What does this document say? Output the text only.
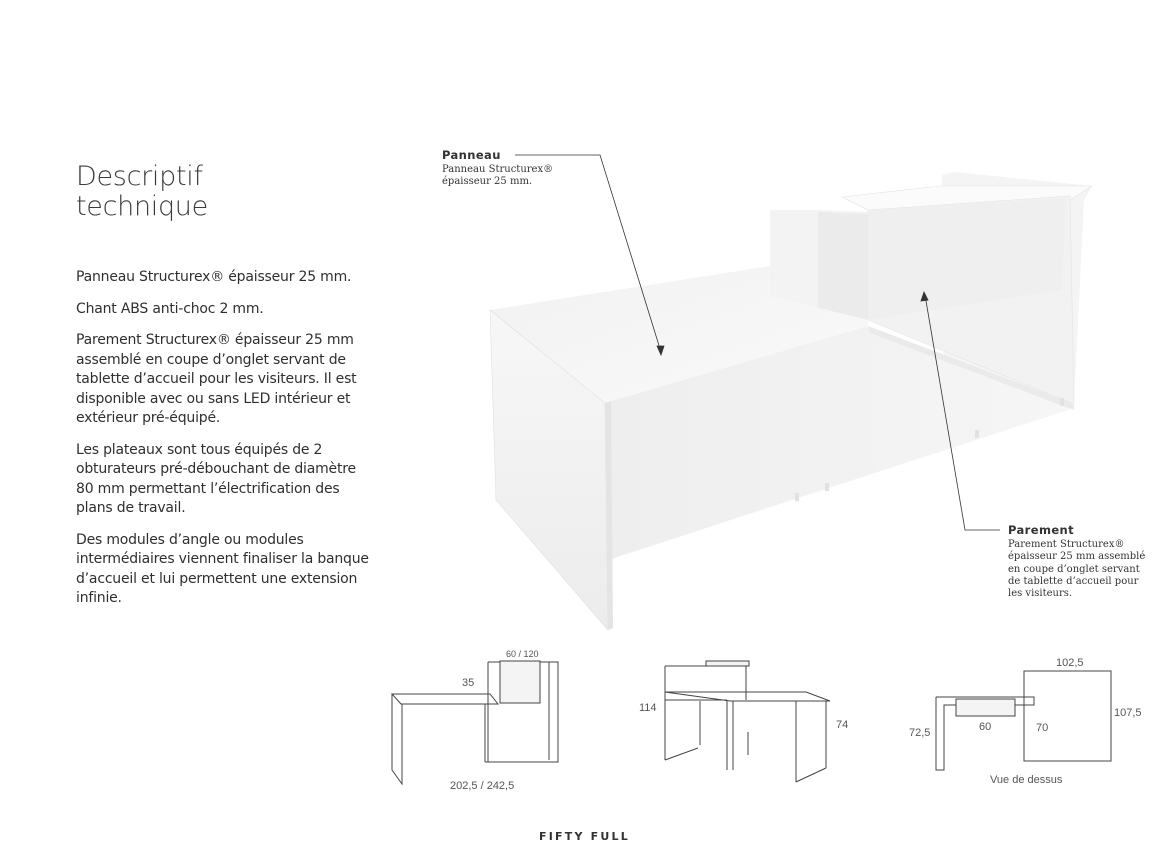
Descriptif
technique

Panneau Structurex® épaisseur 25 mm.

Chant ABS anti-choc 2 mm.

Parement Structurex® épaisseur 25 mm assemblé en coupe d’onglet servant de tablette d’accueil pour les visiteurs. Il est disponible avec ou sans LED intérieur et extérieur pré-équipé.

Les plateaux sont tous équipés de 2 obturateurs pré-débouchant de diamètre 80 mm permettant l’électrification des plans de travail.

Des modules d’angle ou modules intermédiaires viennent finaliser la banque d’accueil et lui permettent une extension infinie.

60 / 120
35
202,5 / 242,5
114
74
102,5
107,5
72,5	60	70
Vue de dessus
Panneau
Panneau Structurex®
épaisseur 25 mm.
Parement
Parement Structurex®
épaisseur 25 mm assemblé
en coupe d’onglet servant
de tablette d’accueil pour
les visiteurs.
FIFTY FULL
